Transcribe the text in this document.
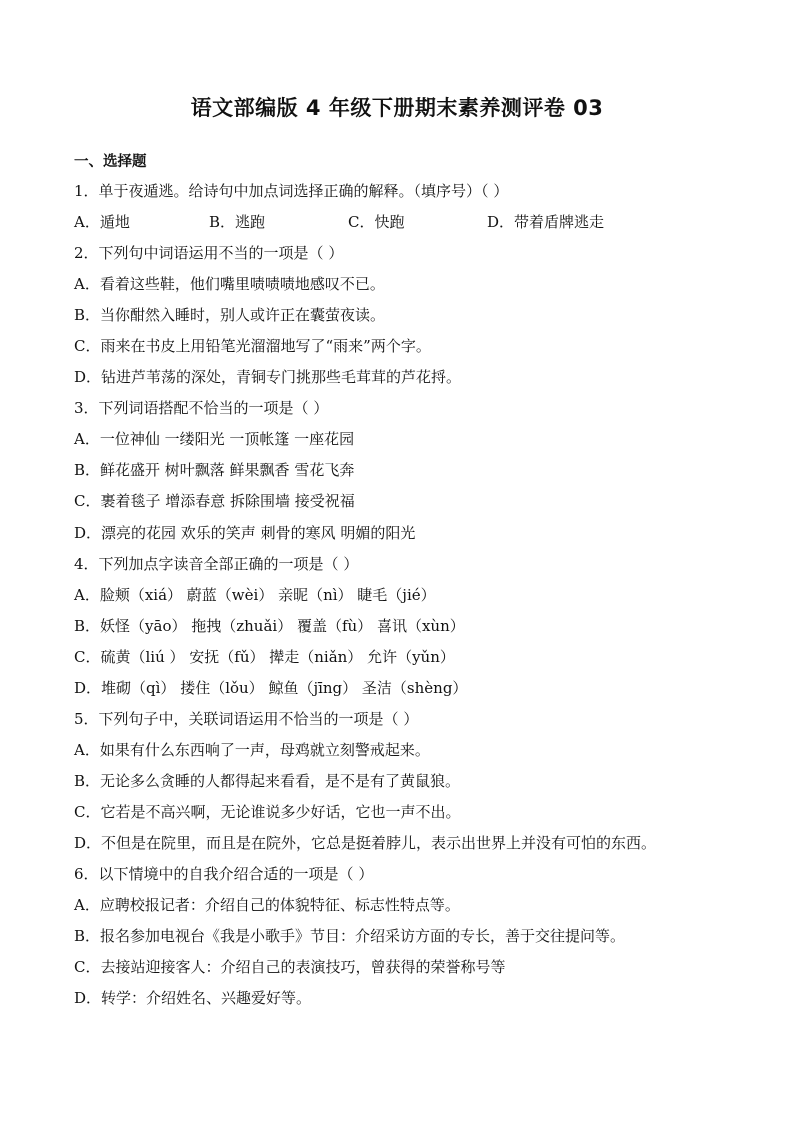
语文部编版 4 年级下册期末素养测评卷 03
一、选择题
1．单于夜遁逃。给诗句中加点词选择正确的解释。（填序号）（ ）
A．遁地	B．逃跑	C．快跑	D．带着盾牌逃走
2．下列句中词语运用不当的一项是（ ）
A．看着这些鞋，他们嘴里啧啧啧地感叹不已。
B．当你酣然入睡时，别人或许正在囊萤夜读。
C．雨来在书皮上用铅笔光溜溜地写了“雨来”两个字。
D．钻进芦苇荡的深处，青铜专门挑那些毛茸茸的芦花捋。
3．下列词语搭配不恰当的一项是（ ）
A．一位神仙 一缕阳光 一顶帐篷 一座花园
B．鲜花盛开 树叶飘落 鲜果飘香 雪花飞奔
C．裹着毯子 增添春意 拆除围墙 接受祝福
D．漂亮的花园 欢乐的笑声 刺骨的寒风 明媚的阳光
4．下列加点字读音全部正确的一项是（ ）
A．脸颊（xiá） 蔚蓝（wèi） 亲昵（nì） 睫毛（jié）
B．妖怪（yāo） 拖拽（zhuǎi） 覆盖（fù） 喜讯（xùn）
C．硫黄（liú ） 安抚（fǔ） 撵走（niǎn） 允许（yǔn）
D．堆砌（qì） 搂住（lǒu） 鲸鱼（jīng） 圣洁（shèng）
5．下列句子中，关联词语运用不恰当的一项是（ ）
A．如果有什么东西响了一声，母鸡就立刻警戒起来。
B．无论多么贪睡的人都得起来看看，是不是有了黄鼠狼。
C．它若是不高兴啊，无论谁说多少好话，它也一声不出。
D．不但是在院里，而且是在院外，它总是挺着脖儿，表示出世界上并没有可怕的东西。
6．以下情境中的自我介绍合适的一项是（ ）
A．应聘校报记者：介绍自己的体貌特征、标志性特点等。
B．报名参加电视台《我是小歌手》节目：介绍采访方面的专长，善于交往提问等。
C．去接站迎接客人：介绍自己的表演技巧，曾获得的荣誉称号等
D．转学：介绍姓名、兴趣爱好等。
